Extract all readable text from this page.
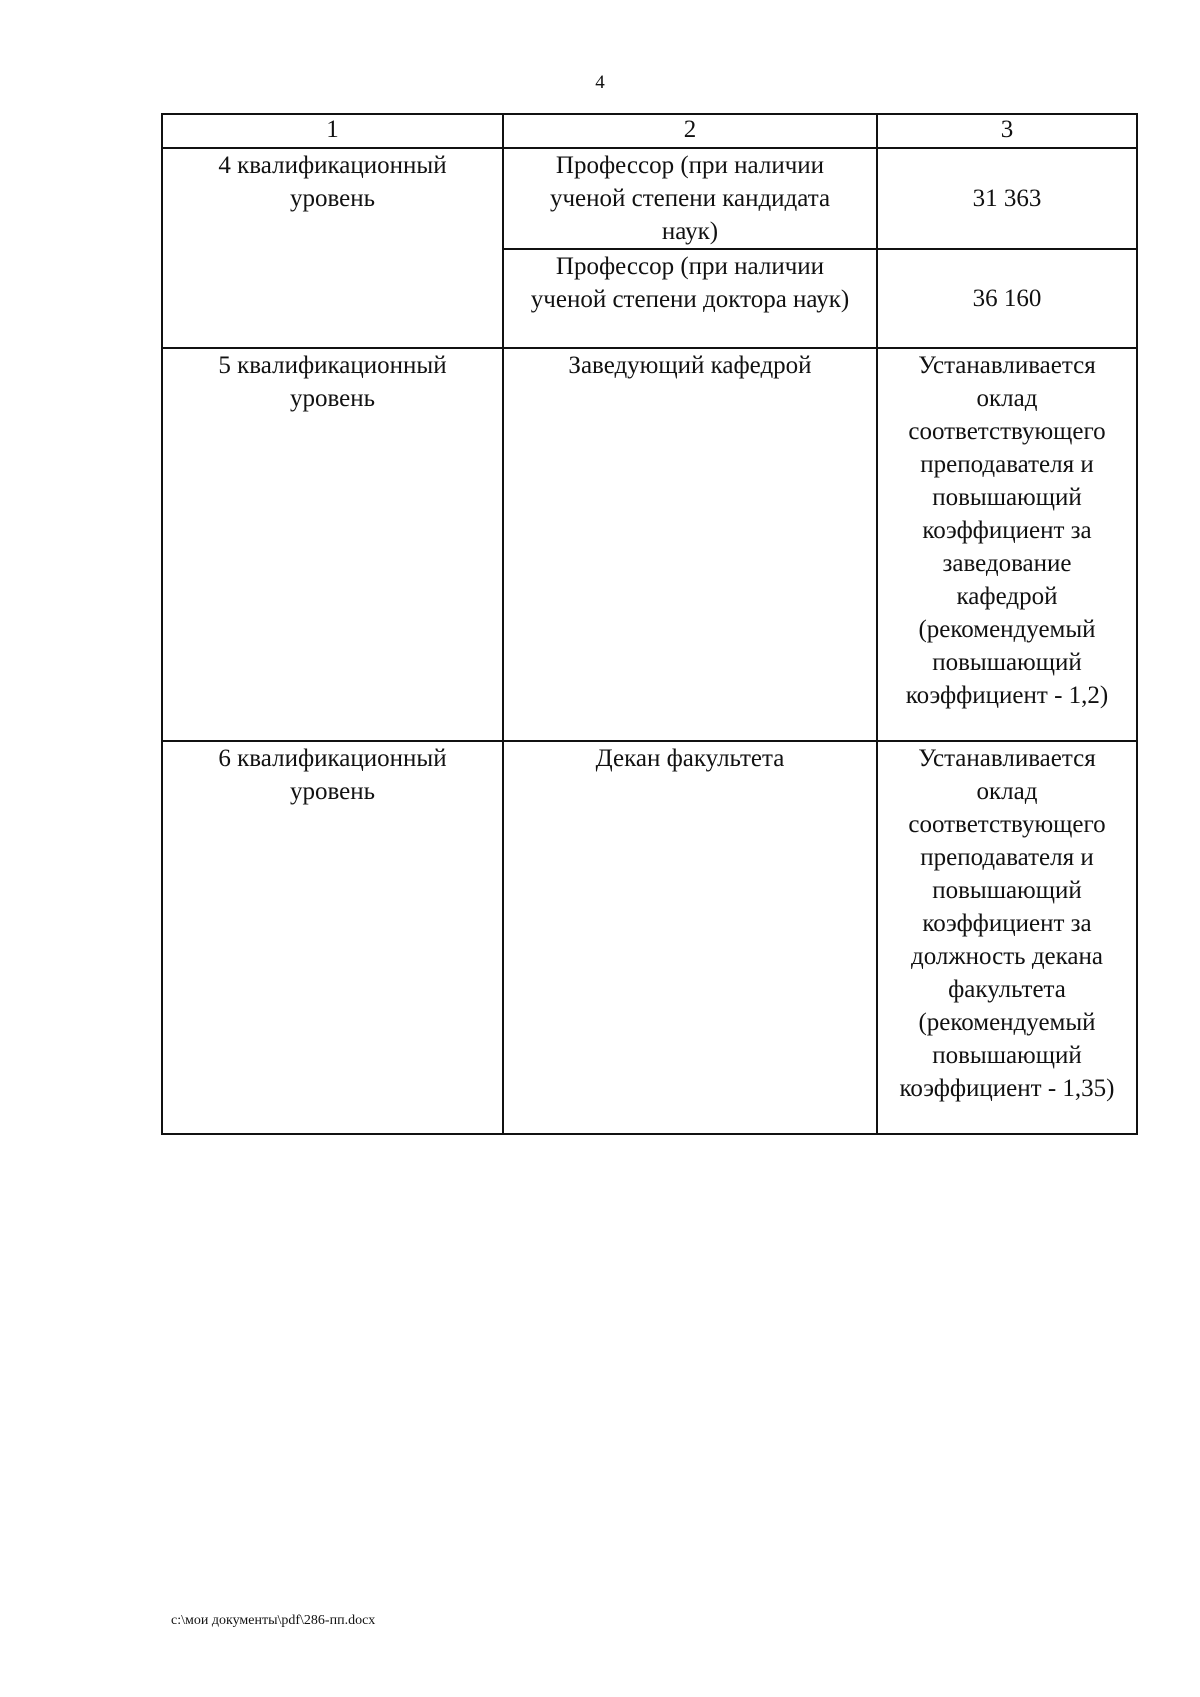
4
1	2	3

4 квалификационный уровень	Профессор (при наличии ученой степени кандидата наук)	31 363

	Профессор (при наличии ученой степени доктора наук)	36 160

5 квалификационный уровень	Заведующий кафедрой	Устанавливается оклад соответствующего преподавателя и повышающий коэффициент за заведование кафедрой (рекомендуемый повышающий коэффициент - 1,2)

6 квалификационный уровень	Декан факультета	Устанавливается оклад соответствующего преподавателя и повышающий коэффициент за должность декана факультета (рекомендуемый повышающий коэффициент - 1,35)
c:\мои документы\pdf\286-пп.docx
